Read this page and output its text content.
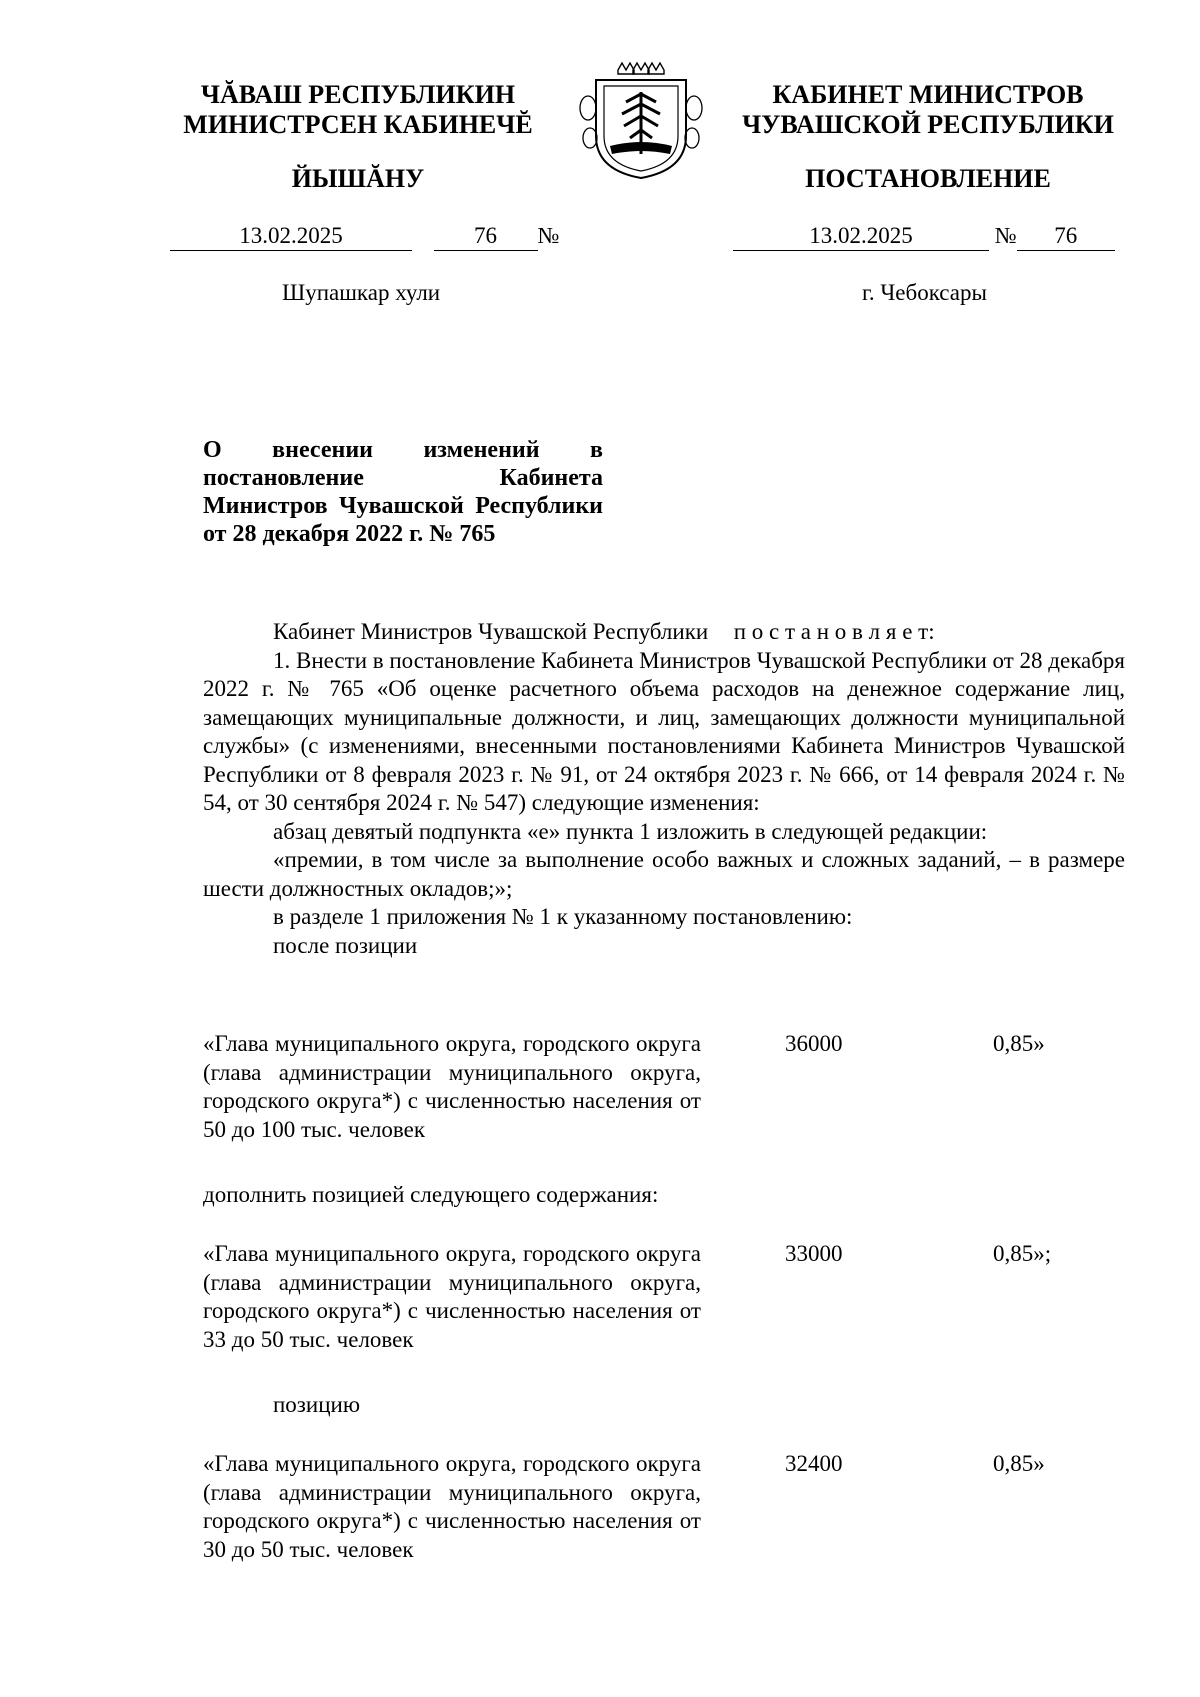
ЧĂВАШ РЕСПУБЛИКИН
МИНИСТРСЕН КАБИНЕЧĔ
ЙЫШĂНУ
КАБИНЕТ МИНИСТРОВ
ЧУВАШСКОЙ РЕСПУБЛИКИ
ПОСТАНОВЛЕНИЕ
13.02.2025	76 №	13.02.2025	№ 76
Шупашкар хули	г. Чебоксары
О внесении изменений в постановление Кабинета Министров Чувашской Республики от 28 декабря 2022 г. № 765

Кабинет Министров Чувашской Республики п о с т а н о в л я е т:

1. Внести в постановление Кабинета Министров Чувашской Республики от 28 декабря 2022 г. № 765 «Об оценке расчетного объема расходов на денежное содержание лиц, замещающих муниципальные должности, и лиц, замещающих должности муниципальной службы» (с изменениями, внесенными постановлениями Кабинета Министров Чувашской Республики от 8 февраля 2023 г. № 91, от 24 октября 2023 г. № 666, от 14 февраля 2024 г. № 54, от 30 сентября 2024 г. № 547) следующие изменения:

абзац девятый подпункта «е» пункта 1 изложить в следующей редакции:

«премии, в том числе за выполнение особо важных и сложных заданий, – в размере шести должностных окладов;»;

в разделе 1 приложения № 1 к указанному постановлению:

после позиции

«Глава муниципального округа, городского округа (глава администрации муниципального округа, городского округа*) с численностью населения от 50 до 100 тыс. человек
36000	0,85»
дополнить позицией следующего содержания:
«Глава муниципального округа, городского округа (глава администрации муниципального округа, городского округа*) с численностью населения от 33 до 50 тыс. человек
33000	0,85»;
позицию
«Глава муниципального округа, городского округа (глава администрации муниципального округа, городского округа*) с численностью населения от 30 до 50 тыс. человек
32400	0,85»
